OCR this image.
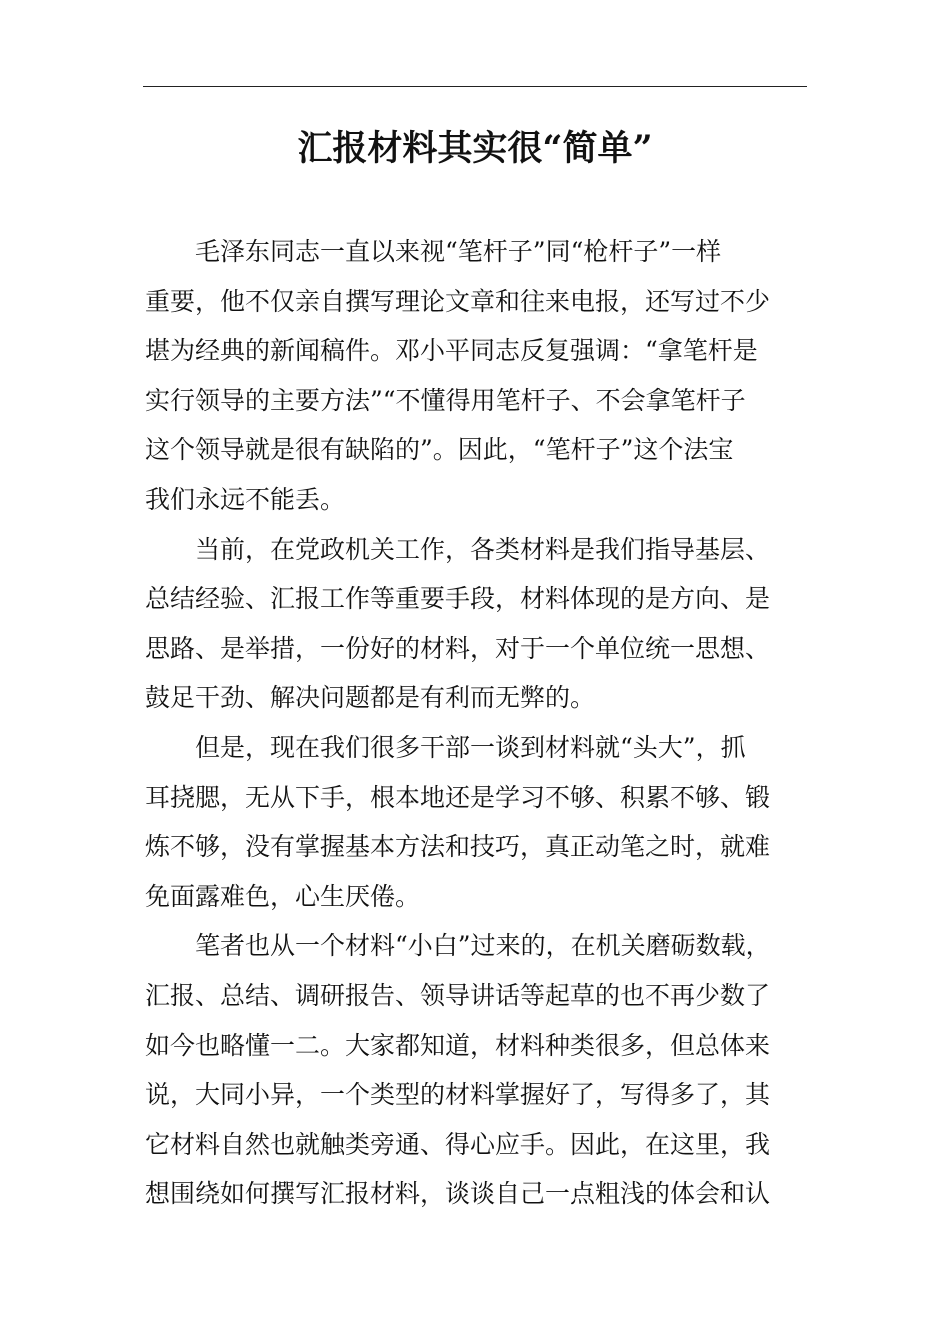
汇报材料其实很“简单”
毛泽东同志一直以来视“笔杆子”同“枪杆子”一样
重要，他不仅亲自撰写理论文章和往来电报，还写过不少
堪为经典的新闻稿件。邓小平同志反复强调：“拿笔杆是
实行领导的主要方法”“不懂得用笔杆子、不会拿笔杆子
这个领导就是很有缺陷的”。因此，“笔杆子”这个法宝
我们永远不能丢。
当前，在党政机关工作，各类材料是我们指导基层、
总结经验、汇报工作等重要手段，材料体现的是方向、是
思路、是举措，一份好的材料，对于一个单位统一思想、
鼓足干劲、解决问题都是有利而无弊的。
但是，现在我们很多干部一谈到材料就“头大”，抓
耳挠腮，无从下手，根本地还是学习不够、积累不够、锻
炼不够，没有掌握基本方法和技巧，真正动笔之时，就难
免面露难色，心生厌倦。
笔者也从一个材料“小白”过来的，在机关磨砺数载，
汇报、总结、调研报告、领导讲话等起草的也不再少数了
如今也略懂一二。大家都知道，材料种类很多，但总体来
说，大同小异，一个类型的材料掌握好了，写得多了，其
它材料自然也就触类旁通、得心应手。因此，在这里，我
想围绕如何撰写汇报材料，谈谈自己一点粗浅的体会和认
